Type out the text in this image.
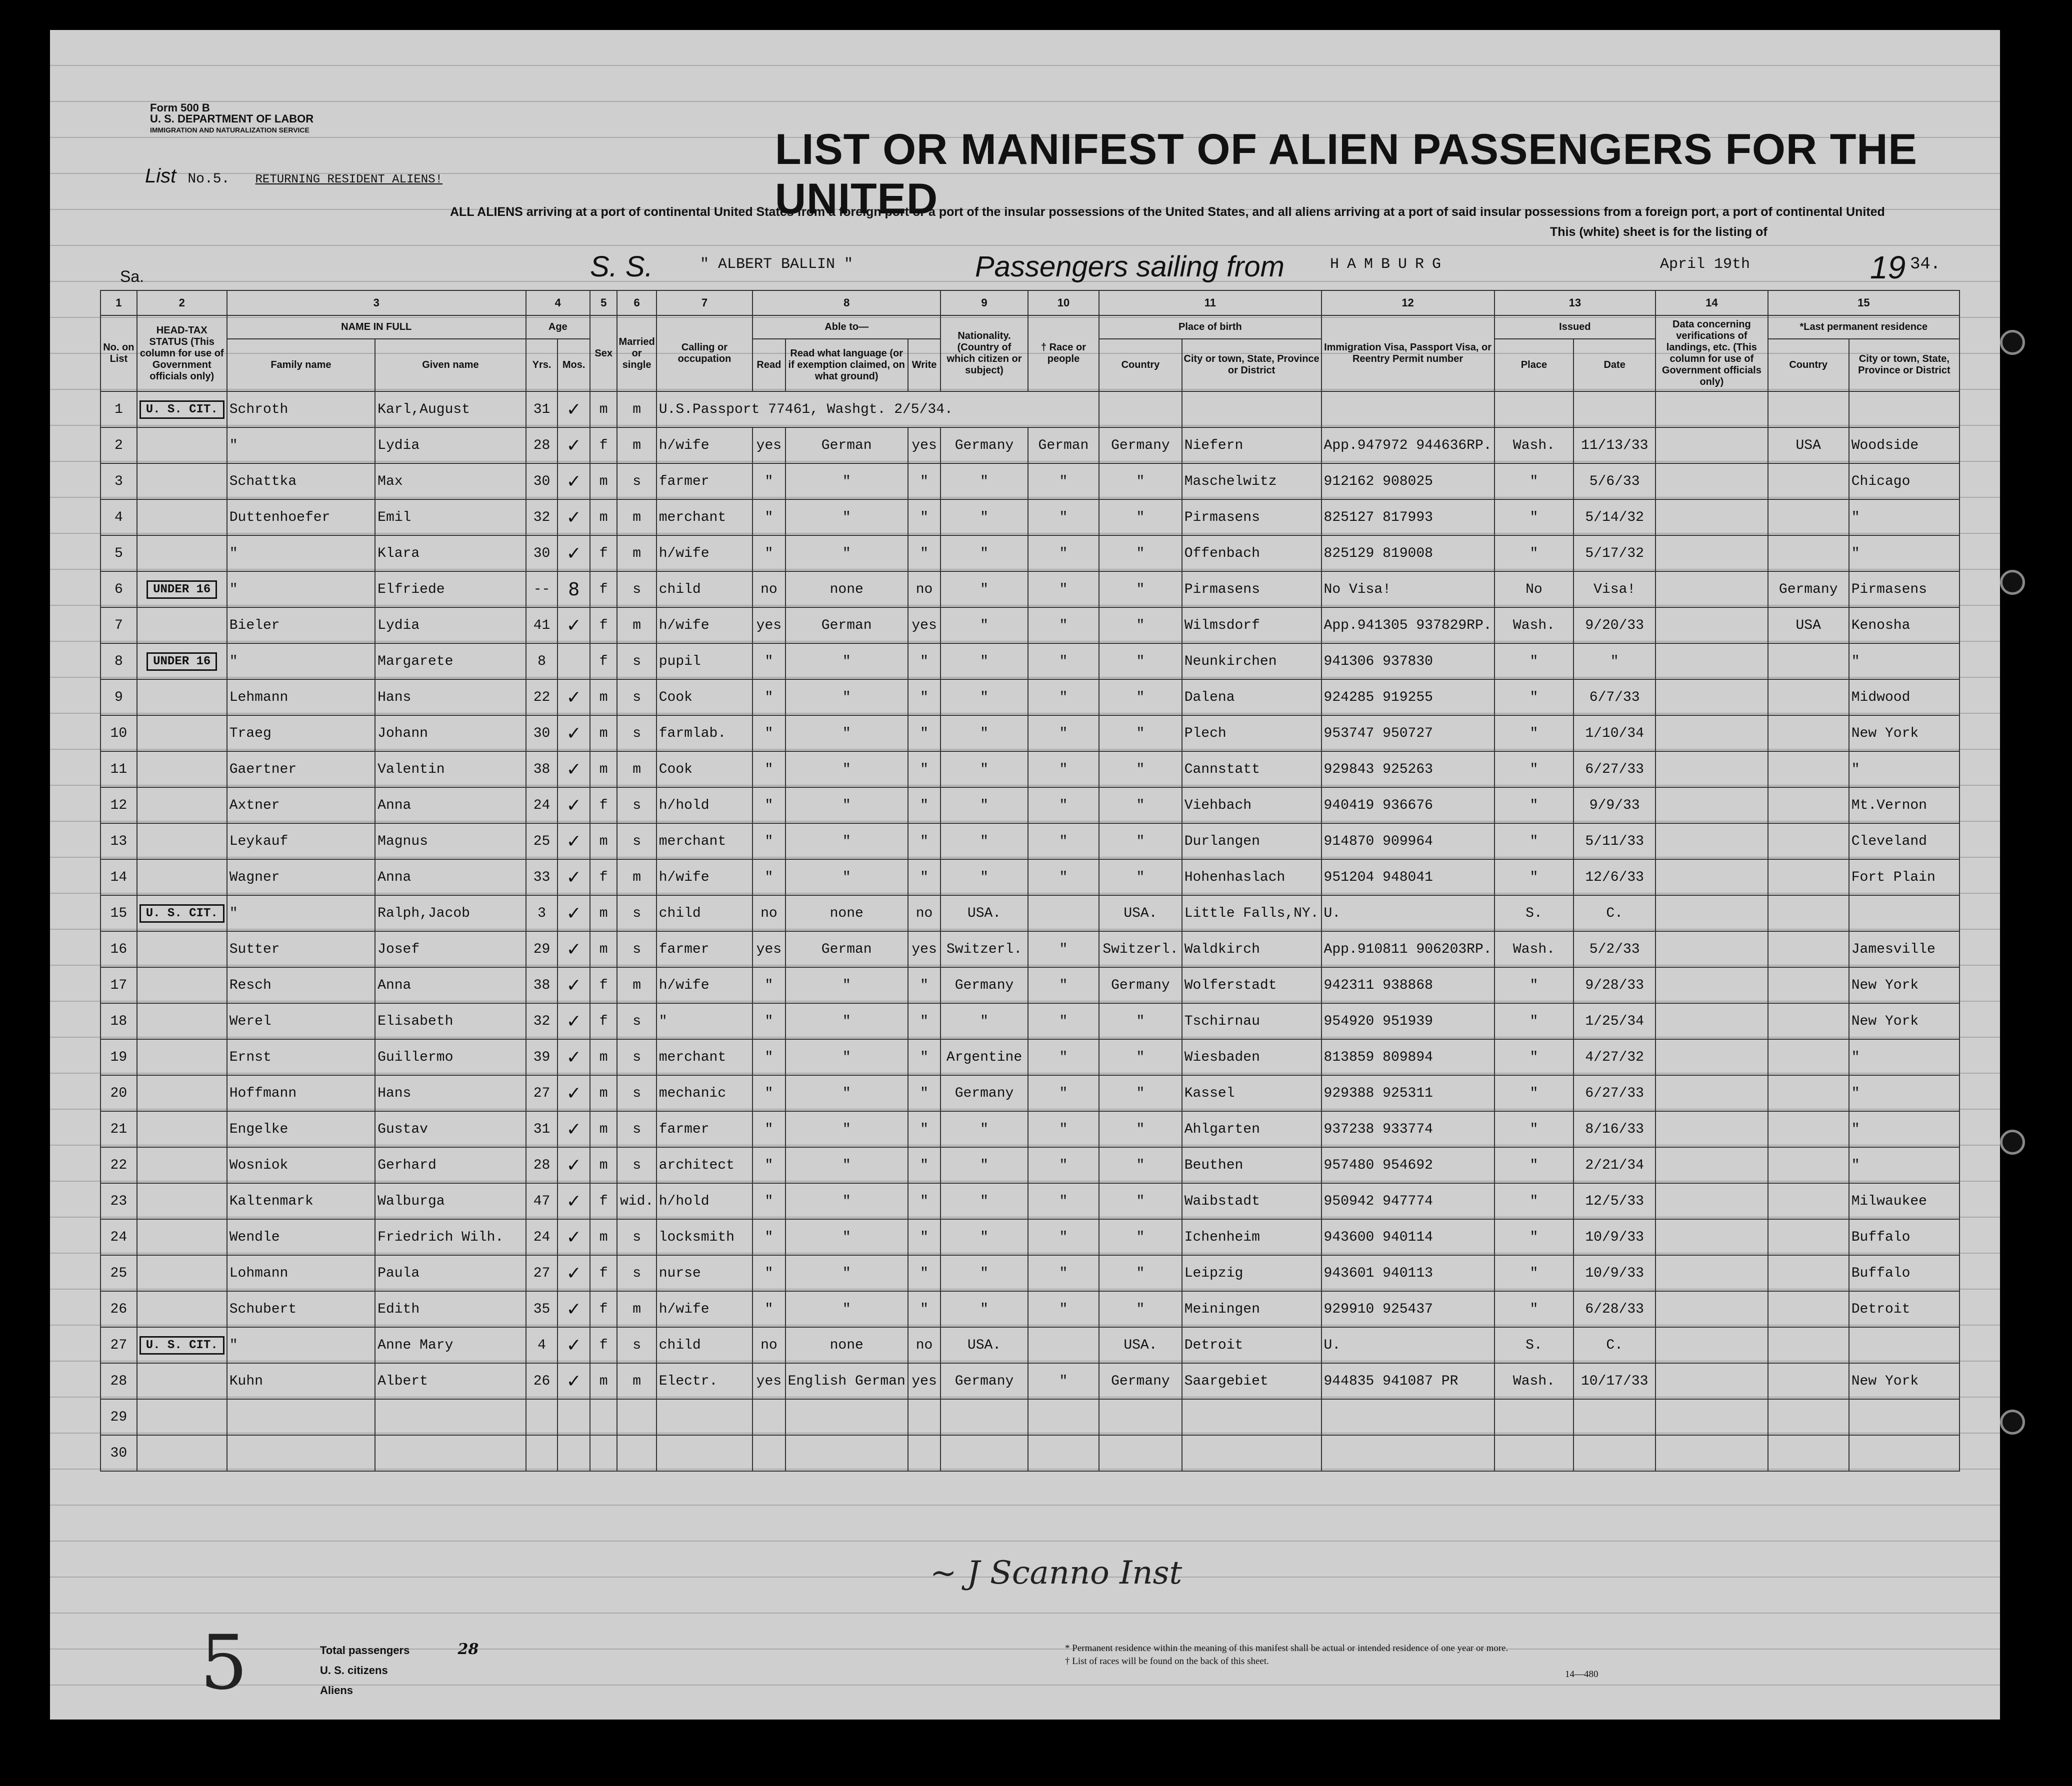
Form 500 B
U. S. DEPARTMENT OF LABOR
IMMIGRATION AND NATURALIZATION SERVICE
List No.5. RETURNING RESIDENT ALIENS!
LIST OR MANIFEST OF ALIEN PASSENGERS FOR THE UNITED
ALL ALIENS arriving at a port of continental United States from a foreign port or a port of the insular possessions of the United States, and all aliens arriving at a port of said insular possessions from a foreign port, a port of continental United
This (white) sheet is for the listing of
Sa.	S. S.	" ALBERT BALLIN "	Passengers sailing from	HAMBURG	April 19th	19 34.
1	2	3		4		5	6	7	8			9	10	11		12	13		14	15	
No. on List	HEAD-TAX STATUS (This column for use of Government officials only)	NAME IN FULL		Age		Sex	Married or single	Calling or occupation	Able to—			Nationality. (Country of which citizen or subject)	† Race or people	Place of birth		Immigration Visa, Passport Visa, or Reentry Permit number	Issued		Data concerning verifications of landings, etc. (This column for use of Government officials only)	*Last permanent residence	
		Family name	Given name	Yrs.	Mos.				Read	Read what language (or if exemption claimed, on what ground)	Write			Country	City or town, State, Province or District		Place	Date		Country	City or town, State, Province or District
1	U. S. CIT.	Schroth	Karl,August	31	✓	m	m	U.S.Passport 77461, Washgt. 2/5/34.													
2		"	Lydia	28	✓	f	m	h/wife	yes	German	yes	Germany	German	Germany	Niefern	App.947972 944636RP.	Wash.	11/13/33		USA	Woodside
3		Schattka	Max	30	✓	m	s	farmer	"	"	"	"	"	"	Maschelwitz	912162 908025	"	5/6/33			Chicago
4		Duttenhoefer	Emil	32	✓	m	m	merchant	"	"	"	"	"	"	Pirmasens	825127 817993	"	5/14/32			"
5		"	Klara	30	✓	f	m	h/wife	"	"	"	"	"	"	Offenbach	825129 819008	"	5/17/32			"
6	UNDER 16	"	Elfriede	--	8	f	s	child	no	none	no	"	"	"	Pirmasens	No Visa!	No	Visa!		Germany	Pirmasens
7		Bieler	Lydia	41	✓	f	m	h/wife	yes	German	yes	"	"	"	Wilmsdorf	App.941305 937829RP.	Wash.	9/20/33		USA	Kenosha
8	UNDER 16	"	Margarete	8		f	s	pupil	"	"	"	"	"	"	Neunkirchen	941306 937830	"	"			"
9		Lehmann	Hans	22	✓	m	s	Cook	"	"	"	"	"	"	Dalena	924285 919255	"	6/7/33			Midwood
10		Traeg	Johann	30	✓	m	s	farmlab.	"	"	"	"	"	"	Plech	953747 950727	"	1/10/34			New York
11		Gaertner	Valentin	38	✓	m	m	Cook	"	"	"	"	"	"	Cannstatt	929843 925263	"	6/27/33			"
12		Axtner	Anna	24	✓	f	s	h/hold	"	"	"	"	"	"	Viehbach	940419 936676	"	9/9/33			Mt.Vernon
13		Leykauf	Magnus	25	✓	m	s	merchant	"	"	"	"	"	"	Durlangen	914870 909964	"	5/11/33			Cleveland
14		Wagner	Anna	33	✓	f	m	h/wife	"	"	"	"	"	"	Hohenhaslach	951204 948041	"	12/6/33			Fort Plain
15	U. S. CIT.	"	Ralph,Jacob	3	✓	m	s	child	no	none	no	USA.		USA.	Little Falls,NY.	U.	S.	C.			
16		Sutter	Josef	29	✓	m	s	farmer	yes	German	yes	Switzerl.	"	Switzerl.	Waldkirch	App.910811 906203RP.	Wash.	5/2/33			Jamesville
17		Resch	Anna	38	✓	f	m	h/wife	"	"	"	Germany	"	Germany	Wolferstadt	942311 938868	"	9/28/33			New York
18		Werel	Elisabeth	32	✓	f	s	"	"	"	"	"	"	"	Tschirnau	954920 951939	"	1/25/34			New York
19		Ernst	Guillermo	39	✓	m	s	merchant	"	"	"	Argentine	"	"	Wiesbaden	813859 809894	"	4/27/32			"
20		Hoffmann	Hans	27	✓	m	s	mechanic	"	"	"	Germany	"	"	Kassel	929388 925311	"	6/27/33			"
21		Engelke	Gustav	31	✓	m	s	farmer	"	"	"	"	"	"	Ahlgarten	937238 933774	"	8/16/33			"
22		Wosniok	Gerhard	28	✓	m	s	architect	"	"	"	"	"	"	Beuthen	957480 954692	"	2/21/34			"
23		Kaltenmark	Walburga	47	✓	f	wid.	h/hold	"	"	"	"	"	"	Waibstadt	950942 947774	"	12/5/33			Milwaukee
24		Wendle	Friedrich Wilh.	24	✓	m	s	locksmith	"	"	"	"	"	"	Ichenheim	943600 940114	"	10/9/33			Buffalo
25		Lohmann	Paula	27	✓	f	s	nurse	"	"	"	"	"	"	Leipzig	943601 940113	"	10/9/33			Buffalo
26		Schubert	Edith	35	✓	f	m	h/wife	"	"	"	"	"	"	Meiningen	929910 925437	"	6/28/33			Detroit
27	U. S. CIT.	"	Anne Mary	4	✓	f	s	child	no	none	no	USA.		USA.	Detroit	U.	S.	C.			
28		Kuhn	Albert	26	✓	m	m	Electr.	yes	English German	yes	Germany	"	Germany	Saargebiet	944835 941087 PR	Wash.	10/17/33			New York
29																					
30																					
~ J Scanno Inst
5	Total passengers	28
U. S. citizens
Aliens
* Permanent residence within the meaning of this manifest shall be actual or intended residence of one year or more.
† List of races will be found on the back of this sheet.
14—480
